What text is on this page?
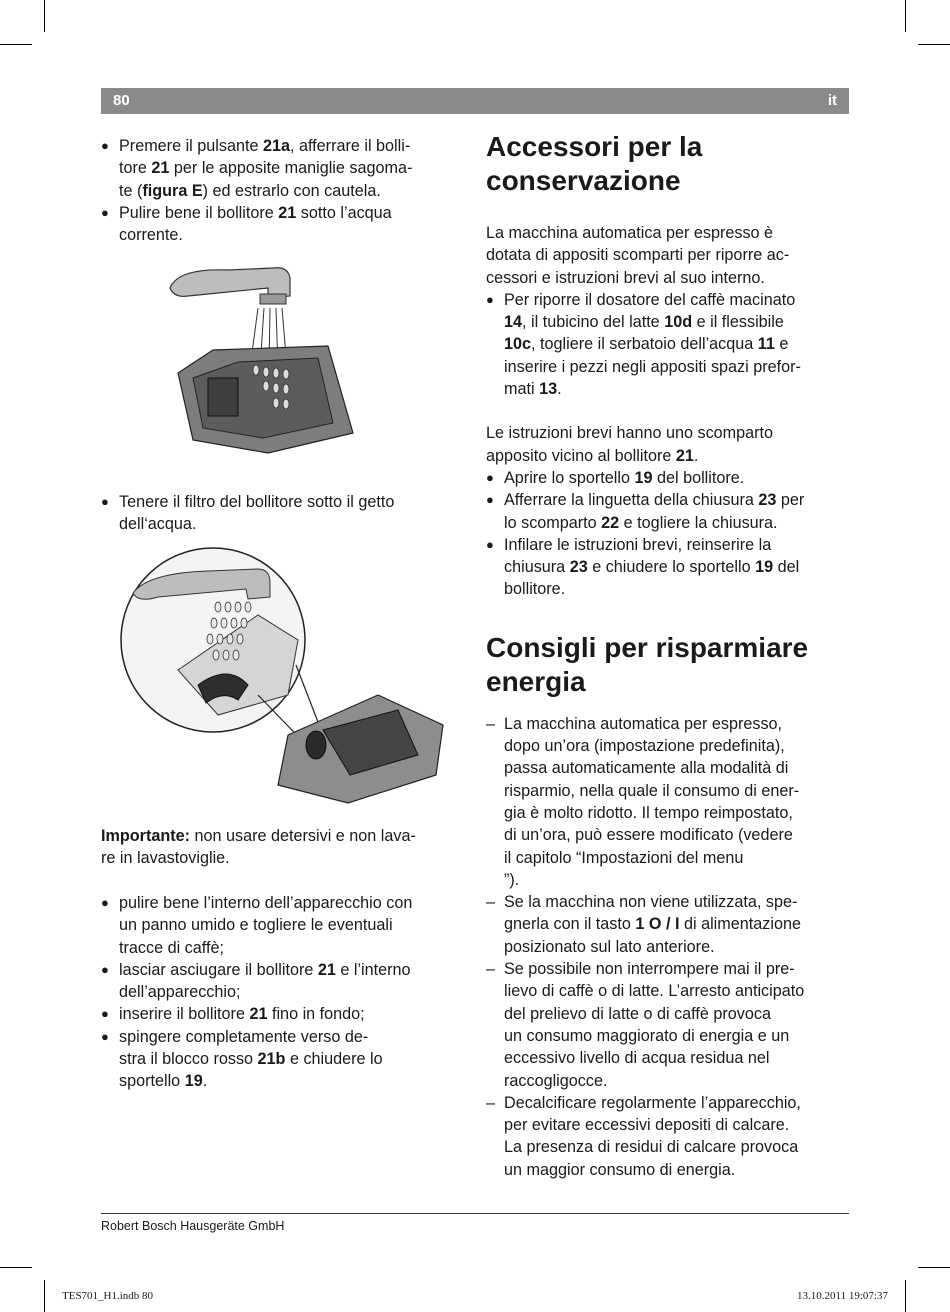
80	it

● Premere il pulsante 21a, afferrare il bolli-
tore 21 per le apposite maniglie sagoma-
te (figura E) ed estrarlo con cautela.

● Pulire bene il bollitore 21 sotto l’acqua
corrente.

● Tenere il filtro del bollitore sotto il getto
dell‘acqua.

Importante: non usare detersivi e non lava-
re in lavastoviglie.

● pulire bene l’interno dell’apparecchio con
un panno umido e togliere le eventuali
tracce di caffè;

● lasciar asciugare il bollitore 21 e l’interno
dell’apparecchio;

● inserire il bollitore 21 fino in fondo;

● spingere completamente verso de-
stra il blocco rosso 21b e chiudere lo
sportello 19.

Accessori per la
conservazione

La macchina automatica per espresso è
dotata di appositi scomparti per riporre ac-
cessori e istruzioni brevi al suo interno.

● Per riporre il dosatore del caffè macinato
14, il tubicino del latte 10d e il flessibile
10c, togliere il serbatoio dell’acqua 11 e
inserire i pezzi negli appositi spazi prefor-
mati 13.

Le istruzioni brevi hanno uno scomparto
apposito vicino al bollitore 21.

● Aprire lo sportello 19 del bollitore.

● Afferrare la linguetta della chiusura 23 per
lo scomparto 22 e togliere la chiusura.

● Infilare le istruzioni brevi, reinserire la
chiusura 23 e chiudere lo sportello 19 del
bollitore.

Consigli per risparmiare
energia

– La macchina automatica per espresso,
dopo un’ora (impostazione predefinita),
passa automaticamente alla modalità di
risparmio, nella quale il consumo di ener-
gia è molto ridotto. Il tempo reimpostato,
di un’ora, può essere modificato (vedere
il capitolo “Impostazioni del menu
”).

– Se la macchina non viene utilizzata, spe-
gnerla con il tasto 1 O / I di alimentazione
posizionato sul lato anteriore.

– Se possibile non interrompere mai il pre-
lievo di caffè o di latte. L’arresto anticipato
del prelievo di latte o di caffè provoca
un consumo maggiorato di energia e un
eccessivo livello di acqua residua nel
raccogligocce.

– Decalcificare regolarmente l’apparecchio,
per evitare eccessivi depositi di calcare.
La presenza di residui di calcare provoca
un maggior consumo di energia.

Robert Bosch Hausgeräte GmbH
TES701_H1.indb 80	13.10.2011 19:07:37
